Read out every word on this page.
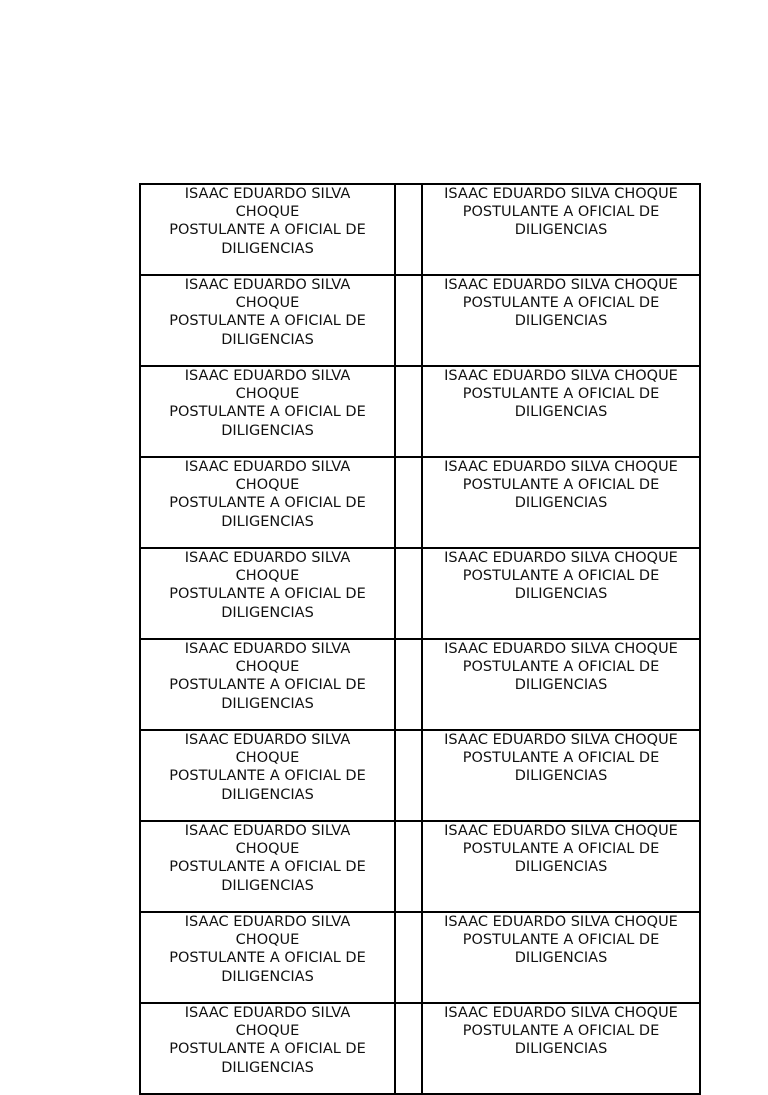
ISAAC EDUARDO SILVA CHOQUE
POSTULANTE A OFICIAL DE DILIGENCIAS		ISAAC EDUARDO SILVA CHOQUE
POSTULANTE A OFICIAL DE DILIGENCIAS

ISAAC EDUARDO SILVA CHOQUE
POSTULANTE A OFICIAL DE DILIGENCIAS		ISAAC EDUARDO SILVA CHOQUE
POSTULANTE A OFICIAL DE DILIGENCIAS

ISAAC EDUARDO SILVA CHOQUE
POSTULANTE A OFICIAL DE DILIGENCIAS		ISAAC EDUARDO SILVA CHOQUE
POSTULANTE A OFICIAL DE DILIGENCIAS

ISAAC EDUARDO SILVA CHOQUE
POSTULANTE A OFICIAL DE DILIGENCIAS		ISAAC EDUARDO SILVA CHOQUE
POSTULANTE A OFICIAL DE DILIGENCIAS

ISAAC EDUARDO SILVA CHOQUE
POSTULANTE A OFICIAL DE DILIGENCIAS		ISAAC EDUARDO SILVA CHOQUE
POSTULANTE A OFICIAL DE DILIGENCIAS

ISAAC EDUARDO SILVA CHOQUE
POSTULANTE A OFICIAL DE DILIGENCIAS		ISAAC EDUARDO SILVA CHOQUE
POSTULANTE A OFICIAL DE DILIGENCIAS

ISAAC EDUARDO SILVA CHOQUE
POSTULANTE A OFICIAL DE DILIGENCIAS		ISAAC EDUARDO SILVA CHOQUE
POSTULANTE A OFICIAL DE DILIGENCIAS

ISAAC EDUARDO SILVA CHOQUE
POSTULANTE A OFICIAL DE DILIGENCIAS		ISAAC EDUARDO SILVA CHOQUE
POSTULANTE A OFICIAL DE DILIGENCIAS

ISAAC EDUARDO SILVA CHOQUE
POSTULANTE A OFICIAL DE DILIGENCIAS		ISAAC EDUARDO SILVA CHOQUE
POSTULANTE A OFICIAL DE DILIGENCIAS

ISAAC EDUARDO SILVA CHOQUE
POSTULANTE A OFICIAL DE DILIGENCIAS		ISAAC EDUARDO SILVA CHOQUE
POSTULANTE A OFICIAL DE DILIGENCIAS
